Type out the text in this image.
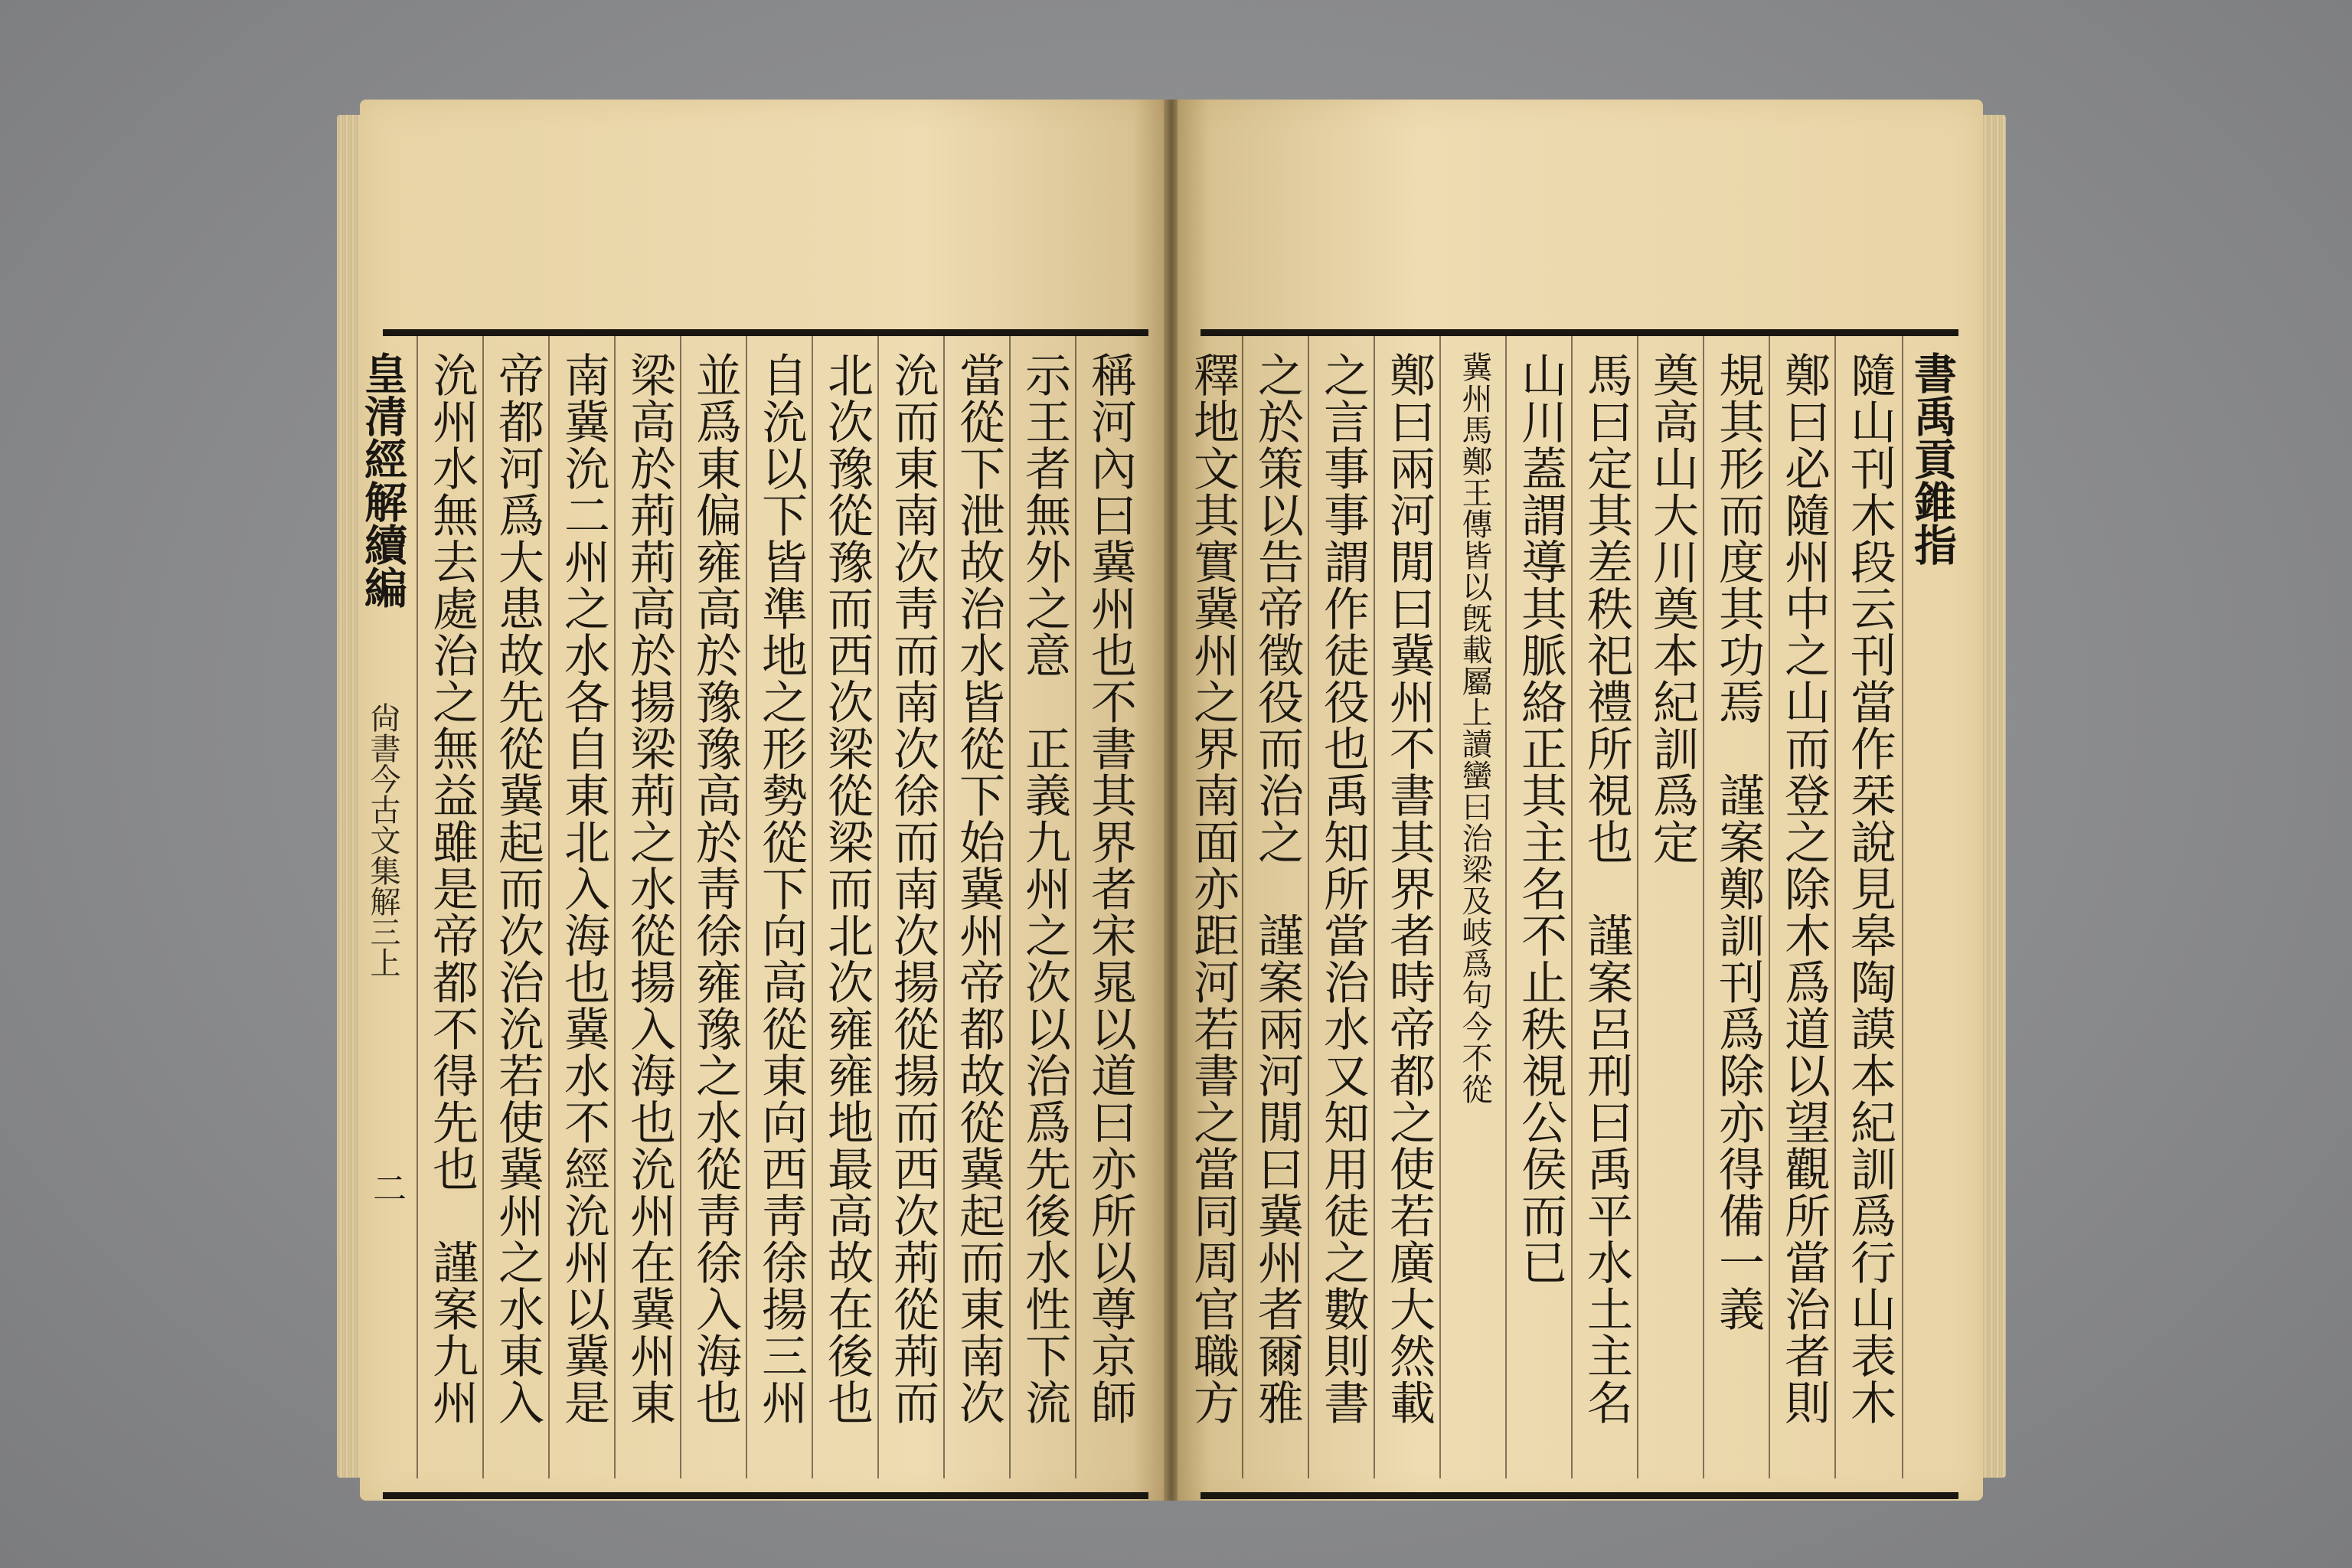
稱河內曰冀州也不書其界者宋晁以道曰亦所以尊京師
示王者無外之意　正義九州之次以治爲先後水性下流
當從下泄故治水皆從下始冀州帝都故從冀起而東南次
沇而東南次靑而南次徐而南次揚從揚而西次荊從荊而
北次豫從豫而西次梁從梁而北次雍雍地最高故在後也
自沇以下皆準地之形勢從下向高從東向西靑徐揚三州
並爲東偏雍高於豫豫高於靑徐雍豫之水從靑徐入海也
梁高於荊荊高於揚梁荊之水從揚入海也沇州在冀州東
南冀沇二州之水各自東北入海也冀水不經沇州以冀是
帝都河爲大患故先從冀起而次治沇若使冀州之水東入
沇州水無去處治之無益雖是帝都不得先也　謹案九州
皇清經解續編  尙書今古文集解三上
二
書禹貢錐指
隨山刊木段云刊當作栞說見皋陶謨本紀訓爲行山表木
鄭曰必隨州中之山而登之除木爲道以望觀所當治者則
規其形而度其功焉　謹案鄭訓刊爲除亦得備一義
奠高山大川奠本紀訓爲定
馬曰定其差秩祀禮所視也　謹案呂刑曰禹平水土主名
山川蓋謂導其脈絡正其主名不止秩視公侯而已
冀州馬鄭王傳皆以旣載屬上讀蠻曰治梁及岐爲句今不從
鄭曰兩河閒曰冀州不書其界者時帝都之使若廣大然載
之言事事謂作徒役也禹知所當治水又知用徒之數則書
之於策以告帝徵役而治之　謹案兩河閒曰冀州者爾雅
釋地文其實冀州之界南面亦距河若書之當同周官職方
